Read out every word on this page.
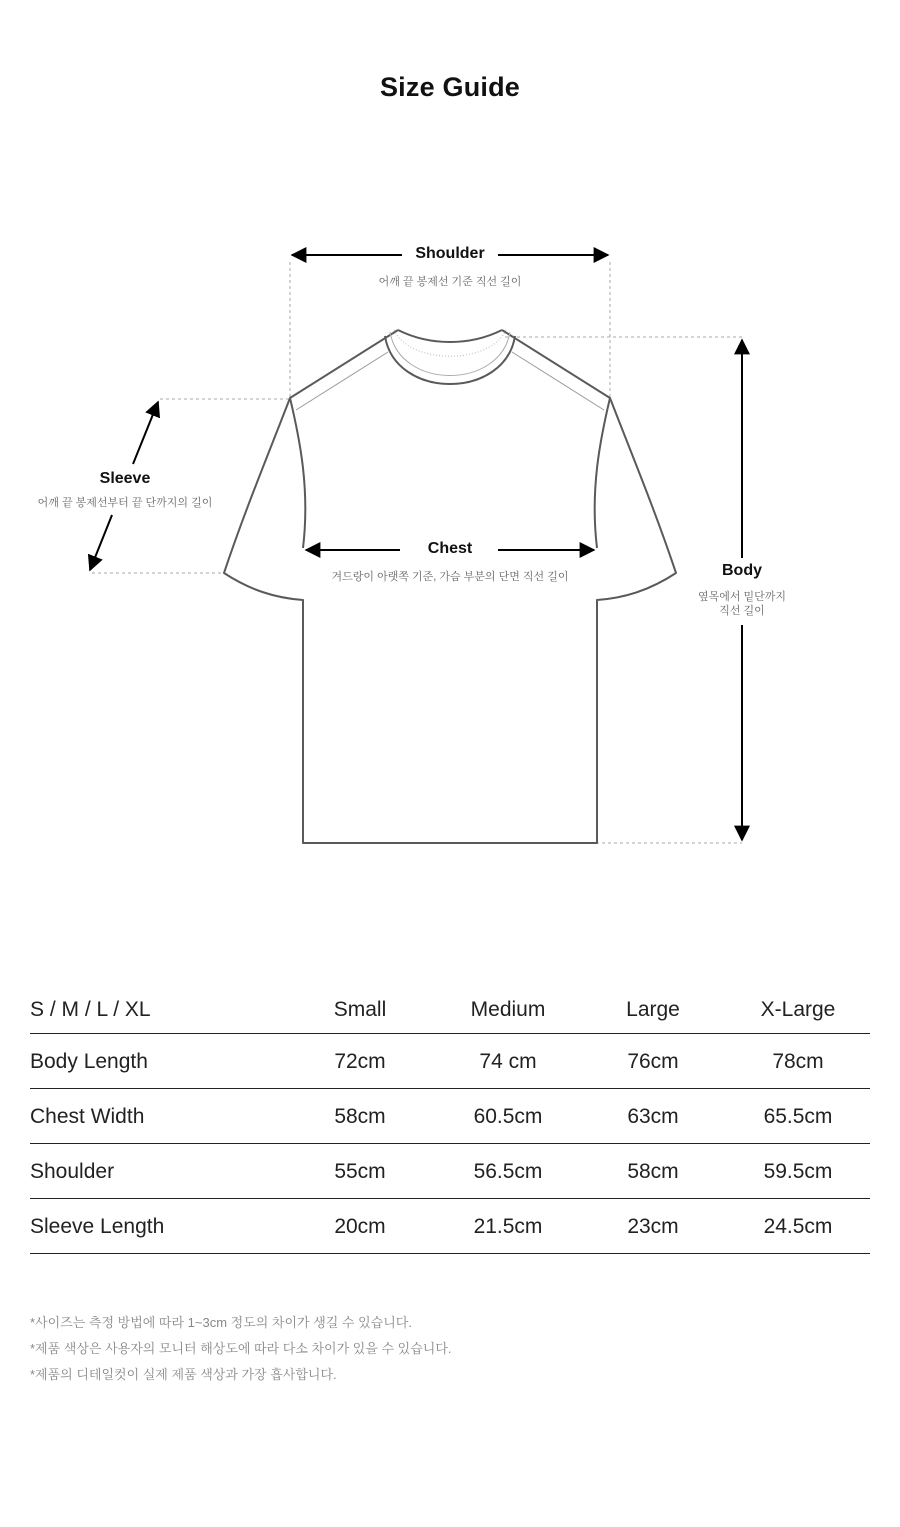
Size Guide
Shoulder
어깨 끝 봉제선 기준 직선 길이
Sleeve
어깨 끝 봉제선부터 끝 단까지의 길이
Chest
겨드랑이 아랫쪽 기준, 가슴 부분의 단면 직선 길이	Body
옆목에서 밑단까지
직선 길이
S / M / L / XL	Small	Medium	Large	X-Large
Body Length	72cm	74 cm	76cm	78cm
Chest Width	58cm	60.5cm	63cm	65.5cm
Shoulder	55cm	56.5cm	58cm	59.5cm
Sleeve Length	20cm	21.5cm	23cm	24.5cm
*사이즈는 측정 방법에 따라 1~3cm 정도의 차이가 생길 수 있습니다.
*제품 색상은 사용자의 모니터 해상도에 따라 다소 차이가 있을 수 있습니다.
*제품의 디테일컷이 실제 제품 색상과 가장 흡사합니다.
